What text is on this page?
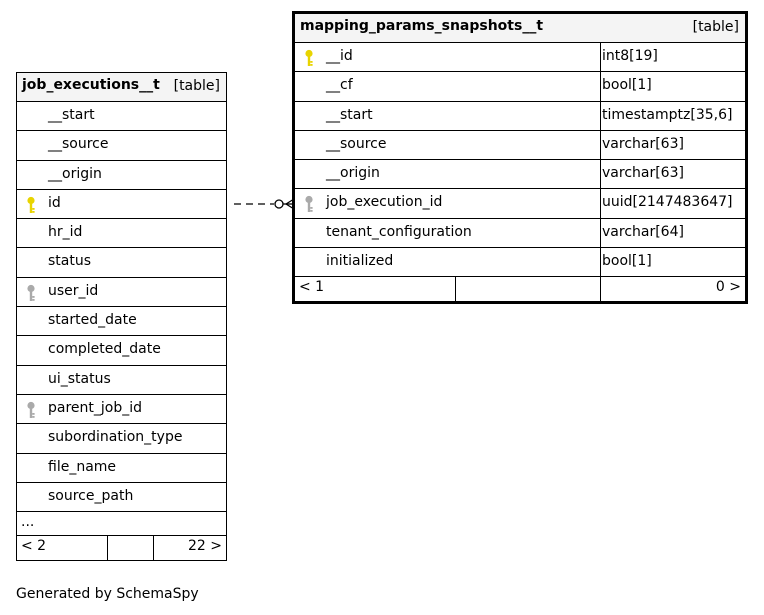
job_executions__t [table]
__start
__source
__origin
id
hr_id
status
user_id
started_date
completed_date
ui_status
parent_job_id
subordination_type
file_name
source_path
...
< 2	22 >
mapping_params_snapshots__t	[table]
__id	int8[19]
__cf	bool[1]
__start	timestamptz[35,6]
__source	varchar[63]
__origin	varchar[63]
job_execution_id	uuid[2147483647]
tenant_configuration	varchar[64]
initialized	bool[1]
< 1	0 >
Generated by SchemaSpy
